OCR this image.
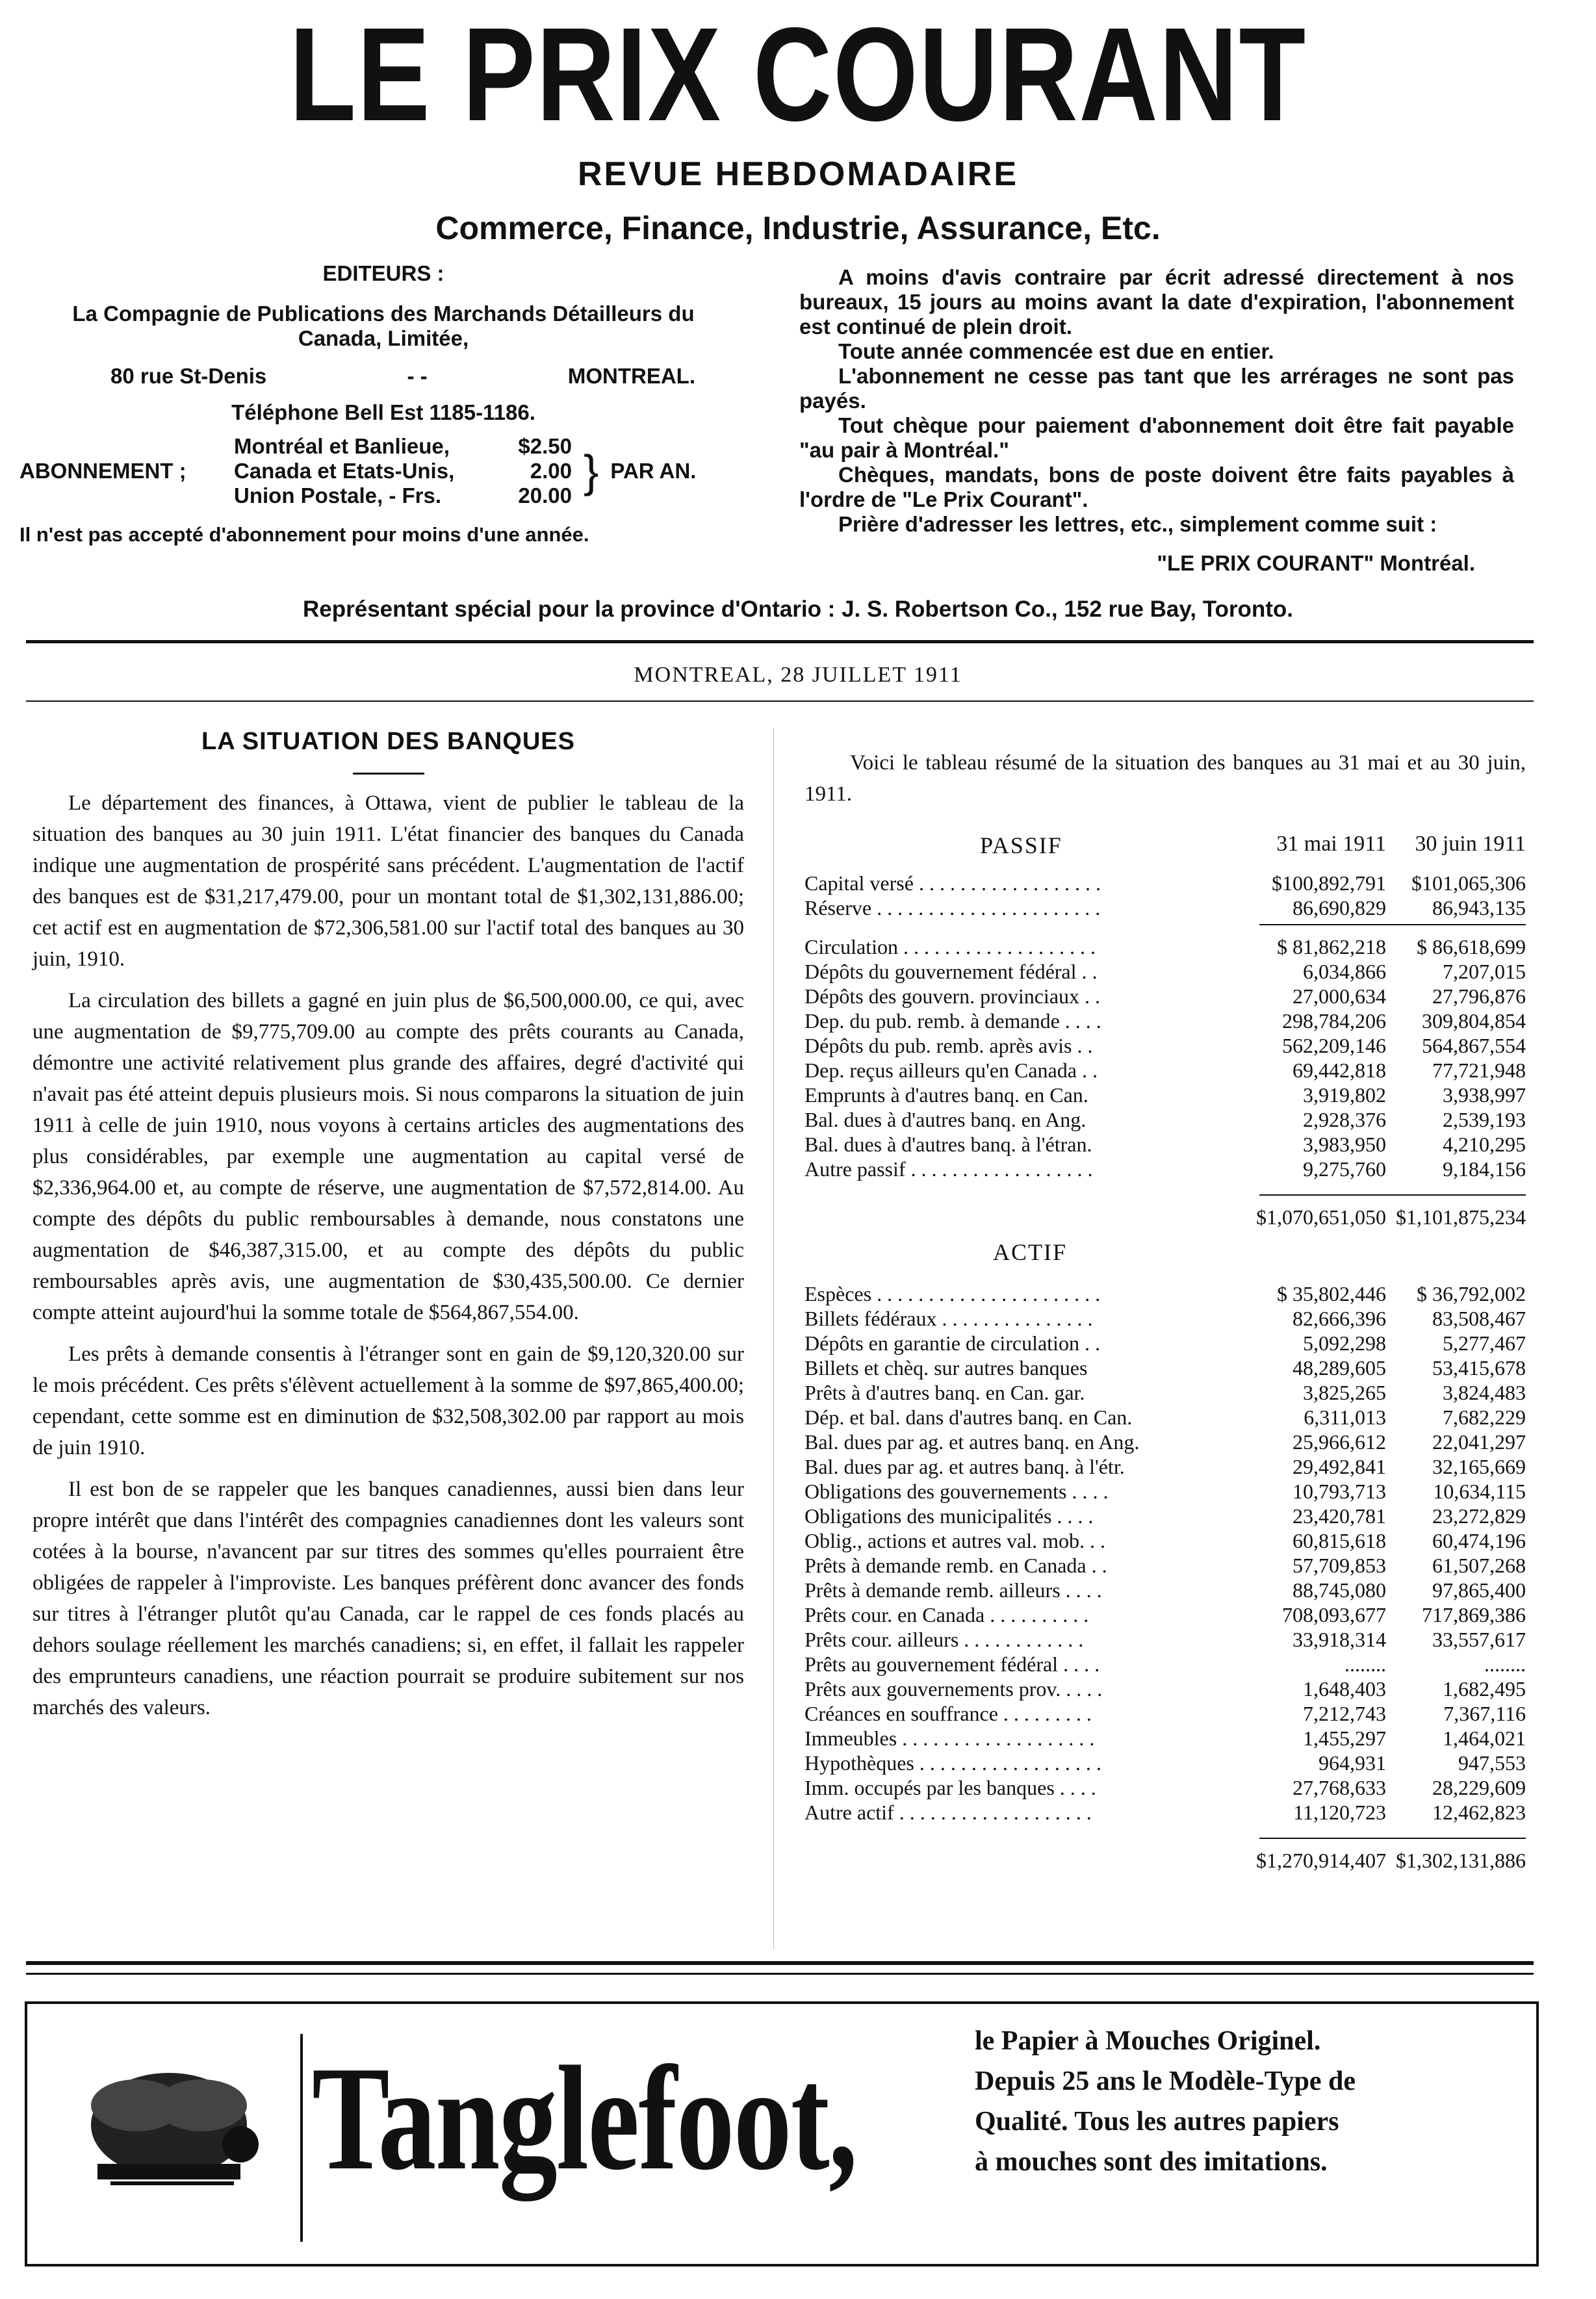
LE PRIX COURANT
REVUE HEBDOMADAIRE
Commerce, Finance, Industrie, Assurance, Etc.
EDITEURS :
La Compagnie de Publications des Marchands Détailleurs du Canada, Limitée,
80 rue St-Denis	- -	MONTREAL.
Téléphone Bell Est 1185-1186.
ABONNEMENT ;
Montréal et Banlieue,	$2.50
Canada et Etats-Unis,	2.00
Union Postale, - Frs.	20.00 } PAR AN.
Il n'est pas accepté d'abonnement pour moins d'une année.
A moins d'avis contraire par écrit adressé directement à nos bureaux, 15 jours au moins avant la date d'expiration, l'abonnement est continué de plein droit.
Toute année commencée est due en entier.
L'abonnement ne cesse pas tant que les arrérages ne sont pas payés.
Tout chèque pour paiement d'abonnement doit être fait payable "au pair à Montréal."
Chèques, mandats, bons de poste doivent être faits payables à l'ordre de "Le Prix Courant".
Prière d'adresser les lettres, etc., simplement comme suit :
"LE PRIX COURANT" Montréal.
Représentant spécial pour la province d'Ontario : J. S. Robertson Co., 152 rue Bay, Toronto.
MONTREAL, 28 JUILLET 1911
LA SITUATION DES BANQUES

Le département des finances, à Ottawa, vient de publier le tableau de la situation des banques au 30 juin 1911. L'état financier des banques du Canada indique une augmentation de prospérité sans précédent. L'augmentation de l'actif des banques est de $31,217,479.00, pour un montant total de $1,302,131,886.00; cet actif est en augmentation de $72,306,581.00 sur l'actif total des banques au 30 juin, 1910.

La circulation des billets a gagné en juin plus de $6,500,000.00, ce qui, avec une augmentation de $9,775,709.00 au compte des prêts courants au Canada, démontre une activité relativement plus grande des affaires, degré d'activité qui n'avait pas été atteint depuis plusieurs mois. Si nous comparons la situation de juin 1911 à celle de juin 1910, nous voyons à certains articles des augmentations des plus considérables, par exemple une augmentation au capital versé de $2,336,964.00 et, au compte de réserve, une augmentation de $7,572,814.00. Au compte des dépôts du public remboursables à demande, nous constatons une augmentation de $46,387,315.00, et au compte des dépôts du public remboursables après avis, une augmentation de $30,435,500.00. Ce dernier compte atteint aujourd'hui la somme totale de $564,867,554.00.

Les prêts à demande consentis à l'étranger sont en gain de $9,120,320.00 sur le mois précédent. Ces prêts s'élèvent actuellement à la somme de $97,865,400.00; cependant, cette somme est en diminution de $32,508,302.00 par rapport au mois de juin 1910.

Il est bon de se rappeler que les banques canadiennes, aussi bien dans leur propre intérêt que dans l'intérêt des compagnies canadiennes dont les valeurs sont cotées à la bourse, n'avancent par sur titres des sommes qu'elles pourraient être obligées de rappeler à l'improviste. Les banques préfèrent donc avancer des fonds sur titres à l'étranger plutôt qu'au Canada, car le rappel de ces fonds placés au dehors soulage réellement les marchés canadiens; si, en effet, il fallait les rappeler des emprunteurs canadiens, une réaction pourrait se produire subitement sur nos marchés des valeurs.

Voici le tableau résumé de la situation des banques au 31 mai et au 30 juin, 1911.
PASSIF	31 mai 1911	30 juin 1911
Capital versé . . . . . . . . . . . . . . . . . .	$100,892,791	$101,065,306
Réserve . . . . . . . . . . . . . . . . . . . . . .	86,690,829	86,943,135
Circulation . . . . . . . . . . . . . . . . . . .	$ 81,862,218	$ 86,618,699
Dépôts du gouvernement fédéral . .	6,034,866	7,207,015
Dépôts des gouvern. provinciaux . .	27,000,634	27,796,876
Dep. du pub. remb. à demande . . . .	298,784,206	309,804,854
Dépôts du pub. remb. après avis . .	562,209,146	564,867,554
Dep. reçus ailleurs qu'en Canada . .	69,442,818	77,721,948
Emprunts à d'autres banq. en Can.	3,919,802	3,938,997
Bal. dues à d'autres banq. en Ang.	2,928,376	2,539,193
Bal. dues à d'autres banq. à l'étran.	3,983,950	4,210,295
Autre passif . . . . . . . . . . . . . . . . . .	9,275,760	9,184,156
$1,070,651,050 $1,101,875,234
ACTIF
Espèces . . . . . . . . . . . . . . . . . . . . . .	$ 35,802,446	$ 36,792,002
Billets fédéraux . . . . . . . . . . . . . . .	82,666,396	83,508,467
Dépôts en garantie de circulation . .	5,092,298	5,277,467
Billets et chèq. sur autres banques	48,289,605	53,415,678
Prêts à d'autres banq. en Can. gar.	3,825,265	3,824,483
Dép. et bal. dans d'autres banq. en Can.	6,311,013	7,682,229
Bal. dues par ag. et autres banq. en Ang.	25,966,612	22,041,297
Bal. dues par ag. et autres banq. à l'étr.	29,492,841	32,165,669
Obligations des gouvernements . . . .	10,793,713	10,634,115
Obligations des municipalités . . . .	23,420,781	23,272,829
Oblig., actions et autres val. mob. . .	60,815,618	60,474,196
Prêts à demande remb. en Canada . .	57,709,853	61,507,268
Prêts à demande remb. ailleurs . . . .	88,745,080	97,865,400
Prêts cour. en Canada . . . . . . . . . .	708,093,677	717,869,386
Prêts cour. ailleurs . . . . . . . . . . . .	33,918,314	33,557,617
Prêts au gouvernement fédéral . . . .	........	........
Prêts aux gouvernements prov. . . . .	1,648,403	1,682,495
Créances en souffrance . . . . . . . . .	7,212,743	7,367,116
Immeubles . . . . . . . . . . . . . . . . . . .	1,455,297	1,464,021
Hypothèques . . . . . . . . . . . . . . . . . .	964,931	947,553
Imm. occupés par les banques . . . .	27,768,633	28,229,609
Autre actif . . . . . . . . . . . . . . . . . . .	11,120,723	12,462,823
$1,270,914,407 $1,302,131,886
Tanglefoot,	le Papier à Mouches Originel.
Depuis 25 ans le Modèle-Type de
Qualité. Tous les autres papiers
à mouches sont des imitations.
